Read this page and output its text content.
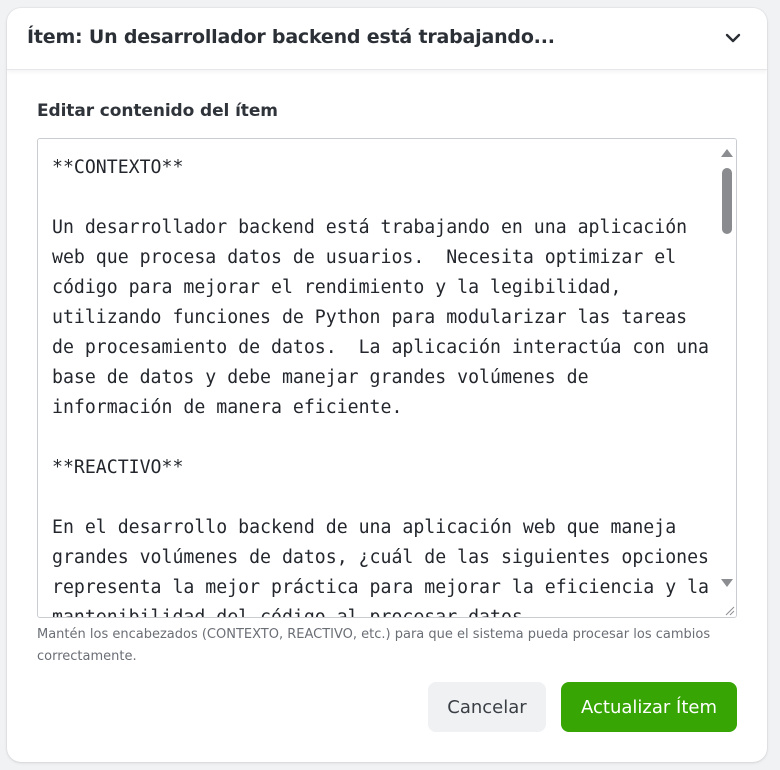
Ítem: Un desarrollador backend está trabajando...
Editar contenido del ítem
**CONTEXTO** Un desarrollador backend está trabajando en una aplicación web que procesa datos de usuarios. Necesita optimizar el código para mejorar el rendimiento y la legibilidad, utilizando funciones de Python para modularizar las tareas de procesamiento de datos. La aplicación interactúa con una base de datos y debe manejar grandes volúmenes de información de manera eficiente. **REACTIVO** En el desarrollo backend de una aplicación web que maneja grandes volúmenes de datos, ¿cuál de las siguientes opciones representa la mejor práctica para mejorar la eficiencia y la mantenibilidad del código al procesar datos
Mantén los encabezados (CONTEXTO, REACTIVO, etc.) para que el sistema pueda procesar los cambios correctamente.
Cancelar	Actualizar Ítem
